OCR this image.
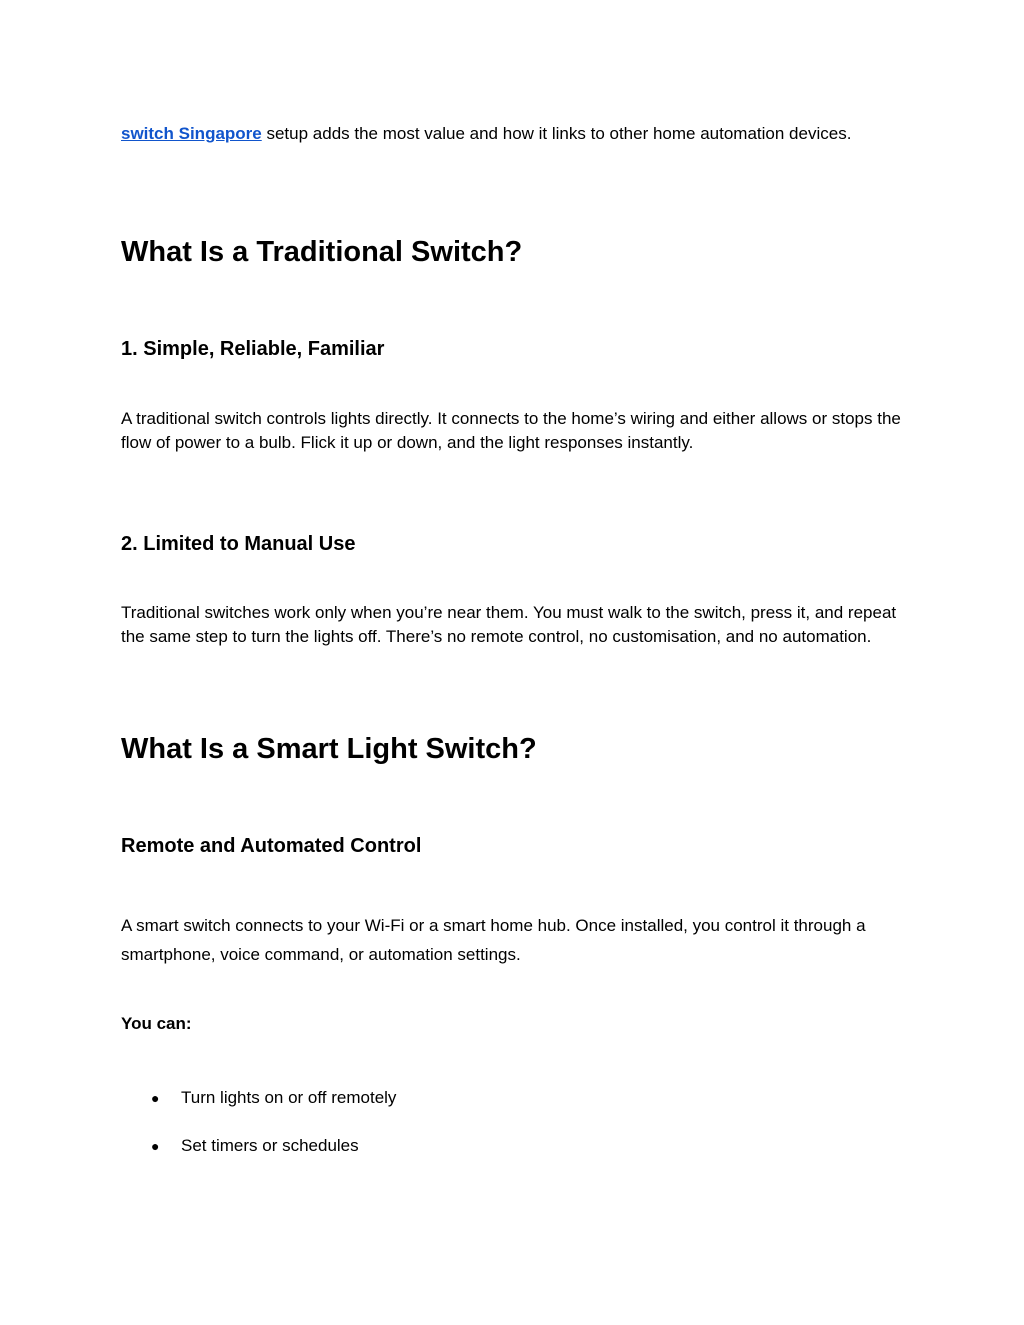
switch Singapore setup adds the most value and how it links to other home automation devices.

What Is a Traditional Switch?
1. Simple, Reliable, Familiar

A traditional switch controls lights directly. It connects to the home’s wiring and either allows or stops the flow of power to a bulb. Flick it up or down, and the light responses instantly.

2. Limited to Manual Use

Traditional switches work only when you’re near them. You must walk to the switch, press it, and repeat the same step to turn the lights off. There’s no remote control, no customisation, and no automation.

What Is a Smart Light Switch?
Remote and Automated Control

A smart switch connects to your Wi-Fi or a smart home hub. Once installed, you control it through a smartphone, voice command, or automation settings.

You can:

● Turn lights on or off remotely
● Set timers or schedules
